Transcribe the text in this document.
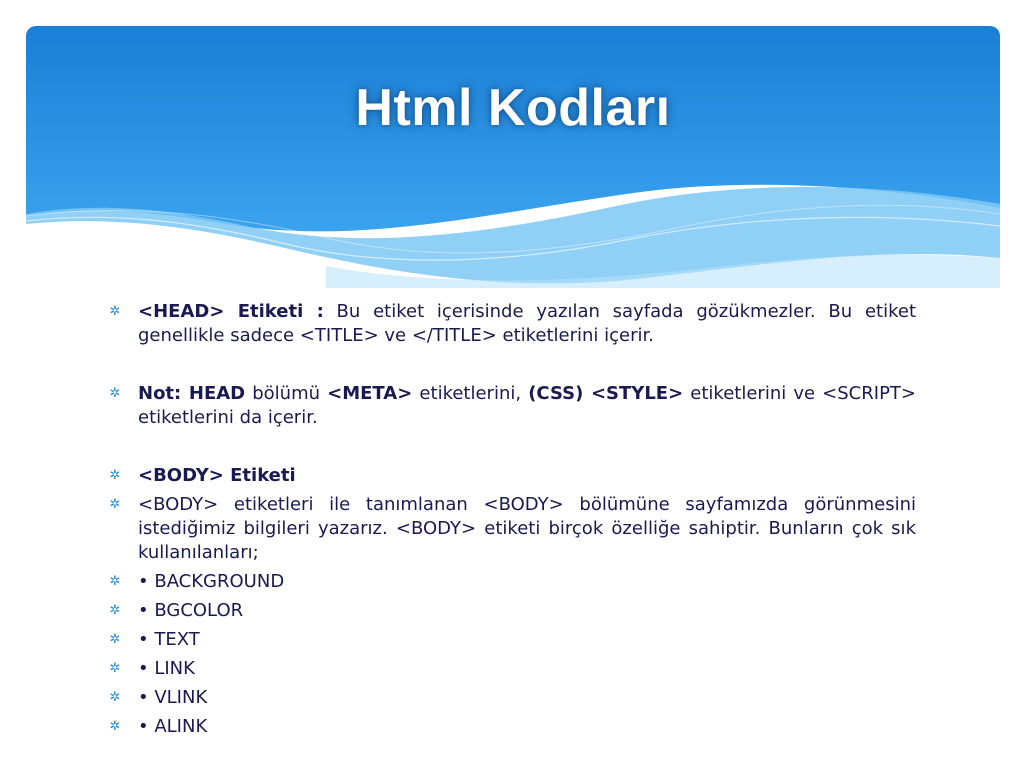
Html Kodları
✲ <HEAD> Etiketi : Bu etiket içerisinde yazılan sayfada gözükmezler. Bu etiket genellikle sadece <TITLE> ve </TITLE> etiketlerini içerir.
✲ Not: HEAD bölümü <META> etiketlerini, (CSS) <STYLE> etiketlerini ve <SCRIPT> etiketlerini da içerir.
✲ <BODY> Etiketi
✲ <BODY> etiketleri ile tanımlanan <BODY> bölümüne sayfamızda görünmesini istediğimiz bilgileri yazarız. <BODY> etiketi birçok özelliğe sahiptir. Bunların çok sık kullanılanları;
✲ • BACKGROUND
✲ • BGCOLOR
✲ • TEXT
✲ • LINK
✲ • VLINK
✲ • ALINK
